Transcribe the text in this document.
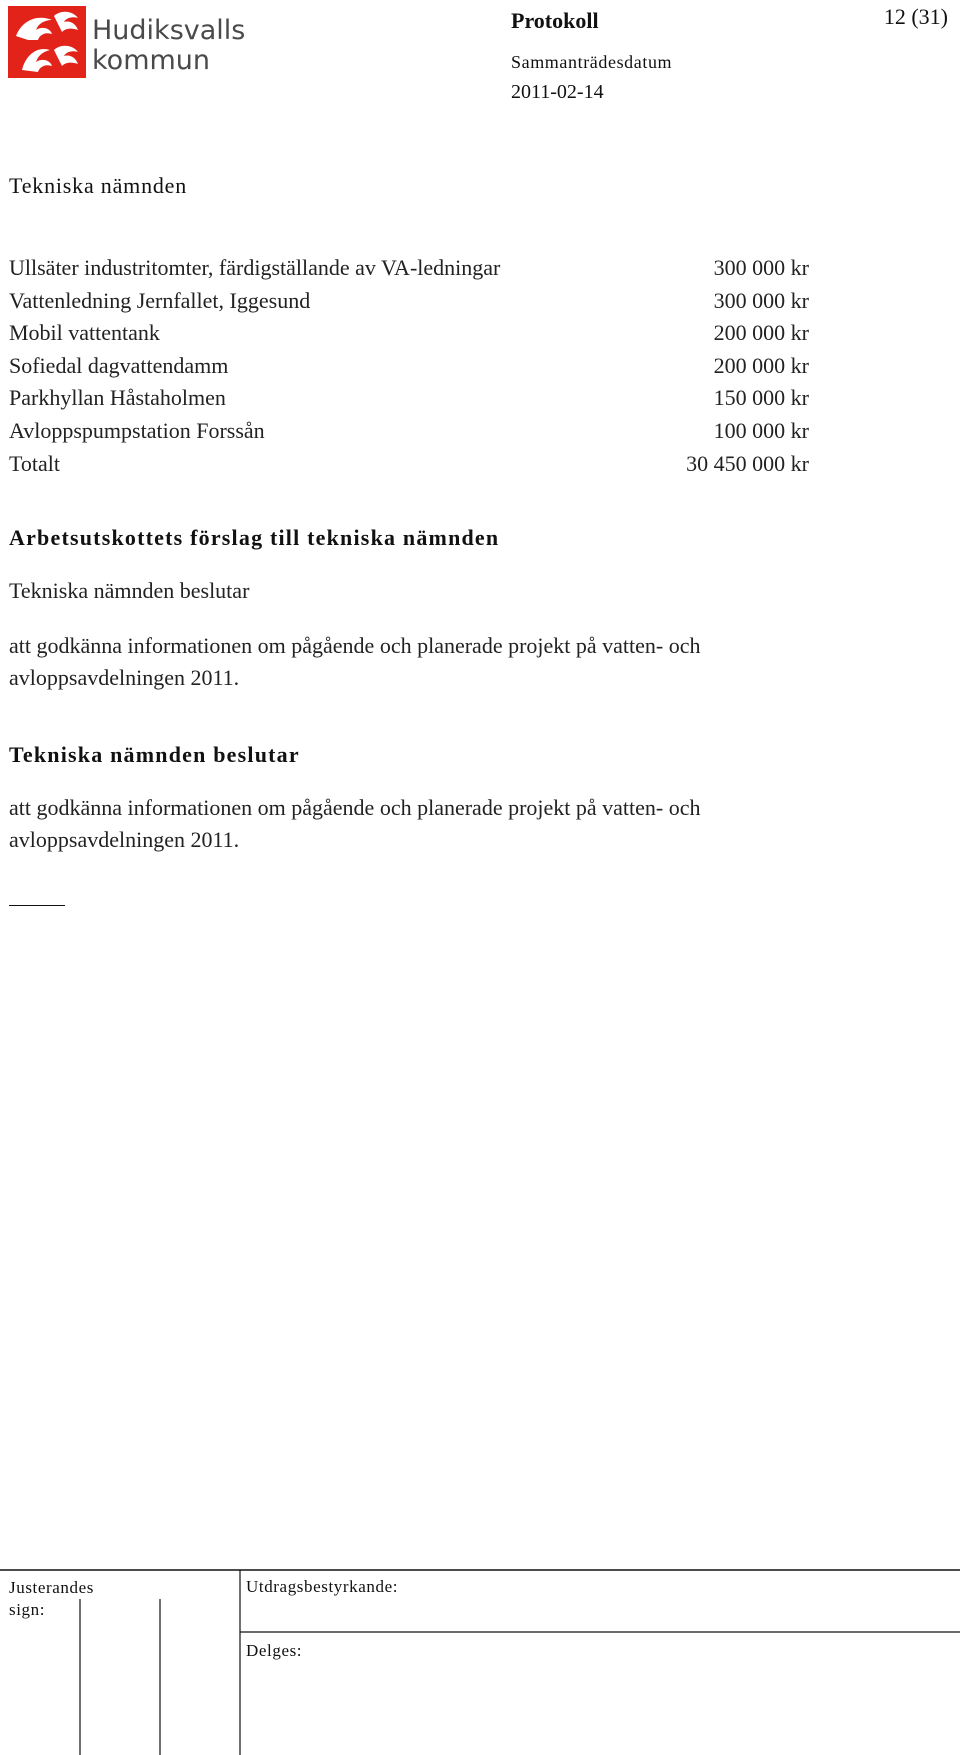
Hudiksvalls
kommun
Protokoll	12 (31)
Sammanträdesdatum
2011-02-14
Tekniska nämnden
Ullsäter industritomter, färdigställande av VA-ledningar	300 000 kr
Vattenledning Jernfallet, Iggesund	300 000 kr
Mobil vattentank	200 000 kr
Sofiedal dagvattendamm	200 000 kr
Parkhyllan Håstaholmen	150 000 kr
Avloppspumpstation Forssån	100 000 kr
Totalt	30 450 000 kr
Arbetsutskottets förslag till tekniska nämnden
Tekniska nämnden beslutar
att godkänna informationen om pågående och planerade projekt på vatten- och
avloppsavdelningen 2011.
Tekniska nämnden beslutar
att godkänna informationen om pågående och planerade projekt på vatten- och
avloppsavdelningen 2011.
Justerandes
sign:
Utdragsbestyrkande:
Delges:
